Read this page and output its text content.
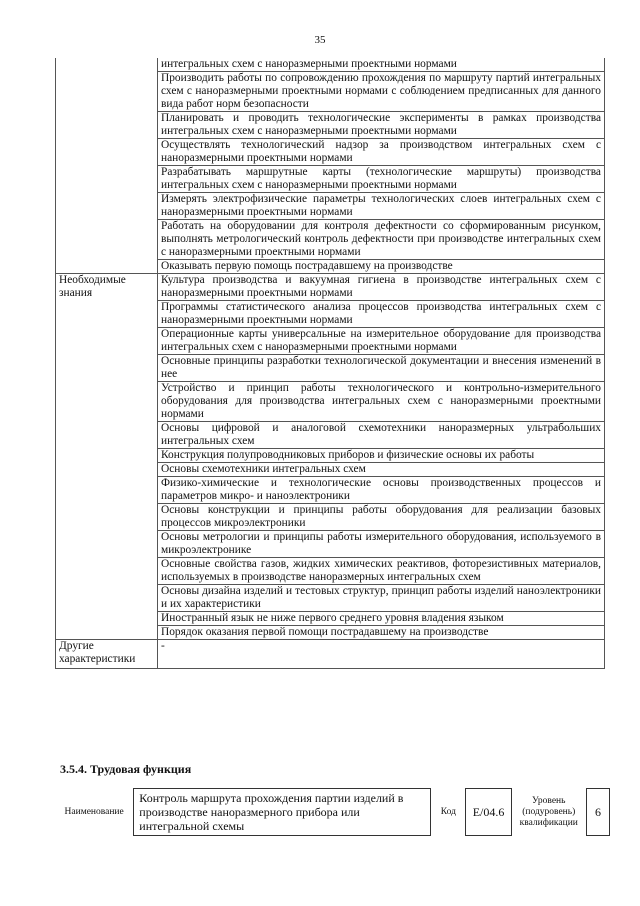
35
	интегральных схем с наноразмерными проектными нормами
	Производить работы по сопровождению прохождения по маршруту партий интегральных схем с наноразмерными проектными нормами с соблюдением предписанных для данного вида работ норм безопасности
	Планировать и проводить технологические эксперименты в рамках производства интегральных схем с наноразмерными проектными нормами
	Осуществлять технологический надзор за производством интегральных схем с наноразмерными проектными нормами
	Разрабатывать маршрутные карты (технологические маршруты) производства интегральных схем с наноразмерными проектными нормами
	Измерять электрофизические параметры технологических слоев интегральных схем с наноразмерными проектными нормами
	Работать на оборудовании для контроля дефектности со сформированным рисунком, выполнять метрологический контроль дефектности при производстве интегральных схем с наноразмерными проектными нормами
	Оказывать первую помощь пострадавшему на производстве
Необходимые знания	Культура производства и вакуумная гигиена в производстве интегральных схем с наноразмерными проектными нормами
	Программы статистического анализа процессов производства интегральных схем с наноразмерными проектными нормами
	Операционные карты универсальные на измерительное оборудование для производства интегральных схем с наноразмерными проектными нормами
	Основные принципы разработки технологической документации и внесения изменений в нее
	Устройство и принцип работы технологического и контрольно-измерительного оборудования для производства интегральных схем с наноразмерными проектными нормами
	Основы цифровой и аналоговой схемотехники наноразмерных ультрабольших интегральных схем
	Конструкция полупроводниковых приборов и физические основы их работы
	Основы схемотехники интегральных схем
	Физико-химические и технологические основы производственных процессов и параметров микро- и наноэлектроники
	Основы конструкции и принципы работы оборудования для реализации базовых процессов микроэлектроники
	Основы метрологии и принципы работы измерительного оборудования, используемого в микроэлектронике
	Основные свойства газов, жидких химических реактивов, фоторезистивных материалов, используемых в производстве наноразмерных интегральных схем
	Основы дизайна изделий и тестовых структур, принцип работы изделий наноэлектроники и их характеристики
	Иностранный язык не ниже первого среднего уровня владения языком
	Порядок оказания первой помощи пострадавшему на производстве
Другие характеристики	-
3.5.4. Трудовая функция
Наименование	Контроль маршрута прохождения партии изделий в производстве наноразмерного прибора или интегральной схемы	Код	E/04.6	Уровень (подуровень) квалификации	6
